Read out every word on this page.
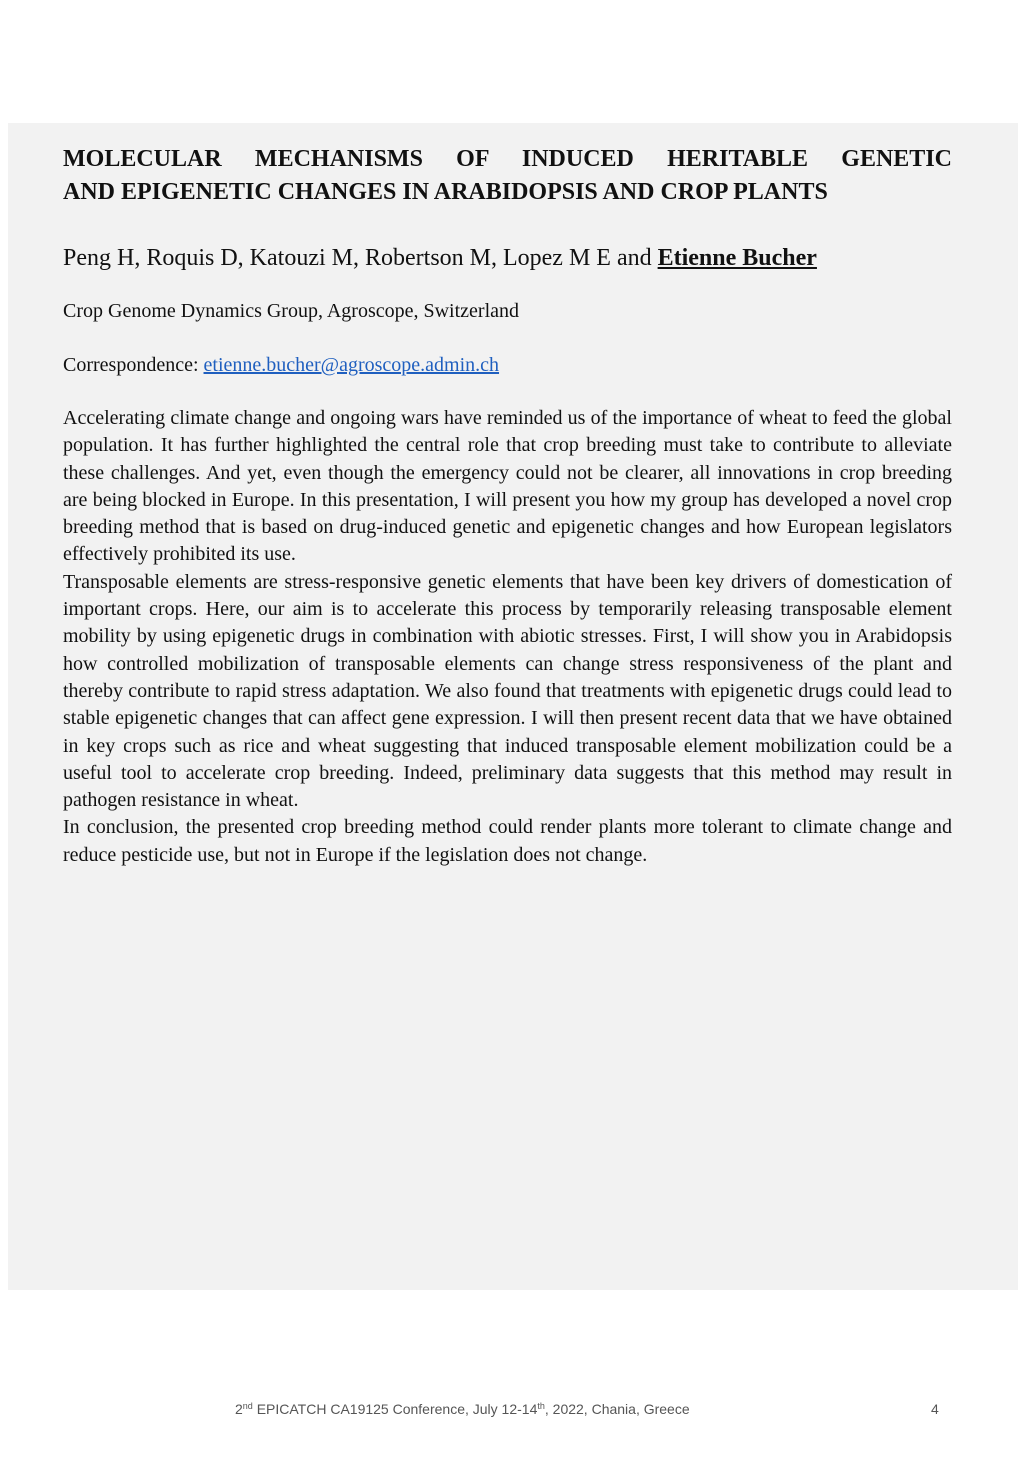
MOLECULAR MECHANISMS OF INDUCED HERITABLE GENETIC
AND EPIGENETIC CHANGES IN ARABIDOPSIS AND CROP PLANTS

Peng H, Roquis D, Katouzi M, Robertson M, Lopez M E and Etienne Bucher

Crop Genome Dynamics Group, Agroscope, Switzerland

Correspondence: etienne.bucher@agroscope.admin.ch

Accelerating climate change and ongoing wars have reminded us of the importance of wheat to feed the global population. It has further highlighted the central role that crop breeding must take to contribute to alleviate these challenges. And yet, even though the emergency could not be clearer, all innovations in crop breeding are being blocked in Europe. In this presentation, I will present you how my group has developed a novel crop breeding method that is based on drug-induced genetic and epigenetic changes and how European legislators effectively prohibited its use.

Transposable elements are stress-responsive genetic elements that have been key drivers of domestication of important crops. Here, our aim is to accelerate this process by temporarily releasing transposable element mobility by using epigenetic drugs in combination with abiotic stresses. First, I will show you in Arabidopsis how controlled mobilization of transposable elements can change stress responsiveness of the plant and thereby contribute to rapid stress adaptation. We also found that treatments with epigenetic drugs could lead to stable epigenetic changes that can affect gene expression. I will then present recent data that we have obtained in key crops such as rice and wheat suggesting that induced transposable element mobilization could be a useful tool to accelerate crop breeding. Indeed, preliminary data suggests that this method may result in pathogen resistance in wheat.

In conclusion, the presented crop breeding method could render plants more tolerant to climate change and reduce pesticide use, but not in Europe if the legislation does not change.

2nd EPICATCH CA19125 Conference, July 12-14th, 2022, Chania, Greece	4
